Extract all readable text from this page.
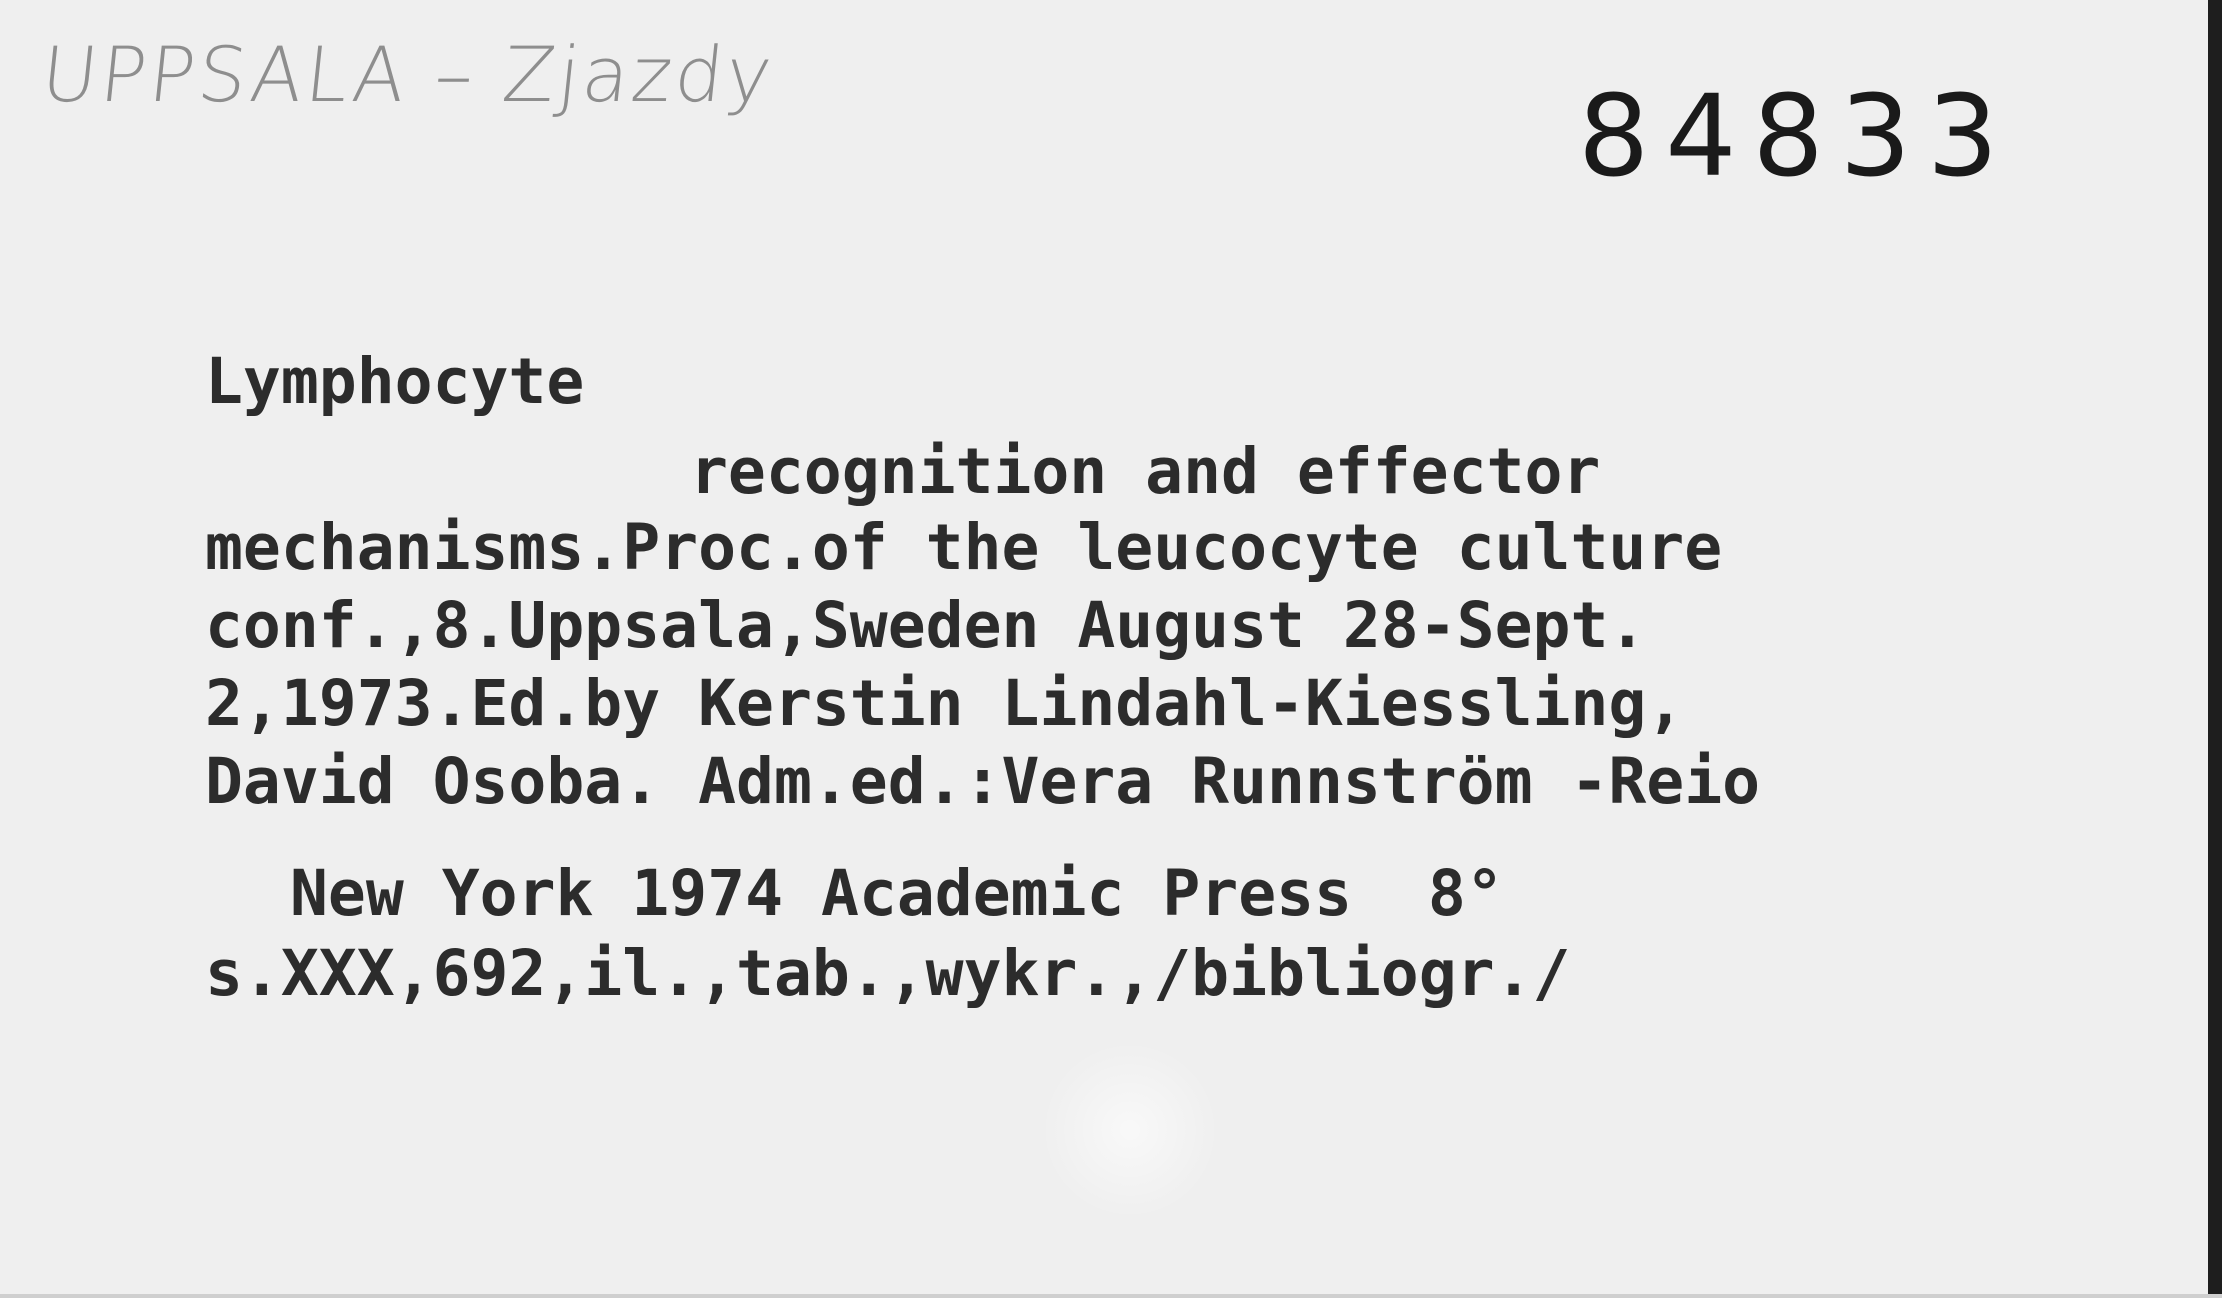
UPPSALA – Zjazdy	84833
Lymphocyte
recognition and effector
mechanisms.Proc.of the leucocyte culture
conf.,8.Uppsala,Sweden August 28-Sept.
2,1973.Ed.by Kerstin Lindahl-Kiessling,
David Osoba. Adm.ed.:Vera Runnström -Reio
New York 1974 Academic Press  8°
s.XXX,692,il.,tab.,wykr.,/bibliogr./
